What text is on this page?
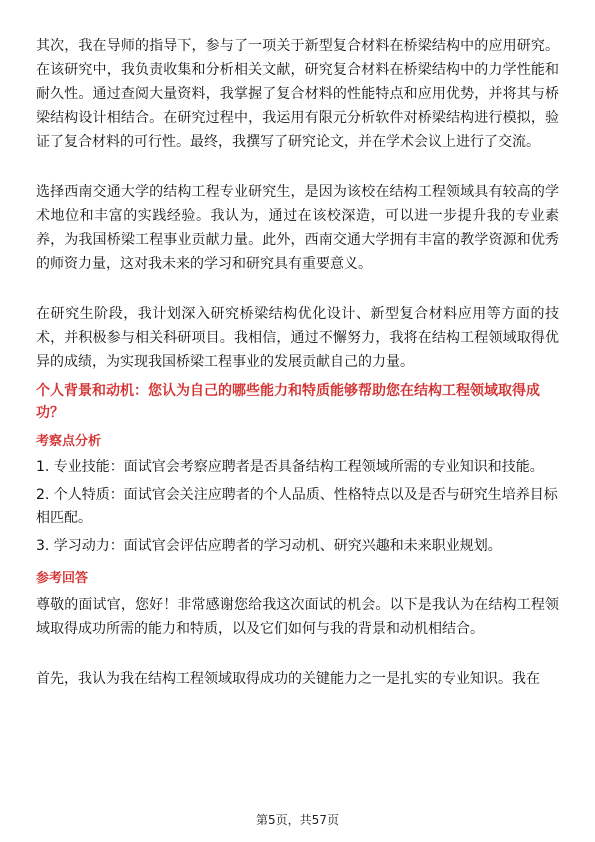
其次，我在导师的指导下，参与了一项关于新型复合材料在桥梁结构中的应用研究。在该研究中，我负责收集和分析相关文献，研究复合材料在桥梁结构中的力学性能和耐久性。通过查阅大量资料，我掌握了复合材料的性能特点和应用优势，并将其与桥梁结构设计相结合。在研究过程中，我运用有限元分析软件对桥梁结构进行模拟，验证了复合材料的可行性。最终，我撰写了研究论文，并在学术会议上进行了交流。

选择西南交通大学的结构工程专业研究生，是因为该校在结构工程领域具有较高的学术地位和丰富的实践经验。我认为，通过在该校深造，可以进一步提升我的专业素养，为我国桥梁工程事业贡献力量。此外，西南交通大学拥有丰富的教学资源和优秀的师资力量，这对我未来的学习和研究具有重要意义。

在研究生阶段，我计划深入研究桥梁结构优化设计、新型复合材料应用等方面的技术，并积极参与相关科研项目。我相信，通过不懈努力，我将在结构工程领域取得优异的成绩，为实现我国桥梁工程事业的发展贡献自己的力量。

个人背景和动机：您认为自己的哪些能力和特质能够帮助您在结构工程领域取得成功？
考察点分析

1. 专业技能：面试官会考察应聘者是否具备结构工程领域所需的专业知识和技能。

2. 个人特质：面试官会关注应聘者的个人品质、性格特点以及是否与研究生培养目标相匹配。

3. 学习动力：面试官会评估应聘者的学习动机、研究兴趣和未来职业规划。

参考回答

尊敬的面试官，您好！非常感谢您给我这次面试的机会。以下是我认为在结构工程领域取得成功所需的能力和特质，以及它们如何与我的背景和动机相结合。

首先，我认为我在结构工程领域取得成功的关键能力之一是扎实的专业知识。我在

第5页，共57页
